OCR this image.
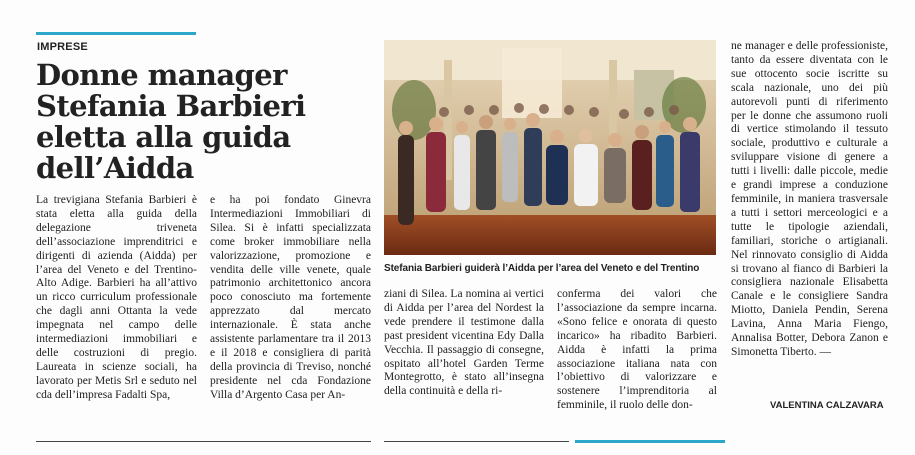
IMPRESE
Donne manager Stefania Barbieri eletta alla guida dell’Aidda
Stefania Barbieri guiderà l’Aidda per l’area del Veneto e del Trentino
La trevigiana Stefania Barbieri è stata eletta alla guida della delegazione triveneta dell’associazione imprenditrici e dirigenti di azienda (Aidda) per l’area del Veneto e del Trentino-Alto Adige. Barbieri ha all’attivo un ricco curriculum professionale che dagli anni Ottanta la vede impegnata nel campo delle intermediazioni immobiliari e delle costruzioni di pregio. Laureata in scienze sociali, ha lavorato per Metis Srl e seduto nel cda dell’impresa Fadalti Spa,
e ha poi fondato Ginevra Intermediazioni Immobiliari di Silea. Si è infatti specializzata come broker immobiliare nella valorizzazione, promozione e vendita delle ville venete, quale patrimonio architettonico ancora poco conosciuto ma fortemente apprezzato dal mercato internazionale. È stata anche assistente parlamentare tra il 2013 e il 2018 e consigliera di parità della provincia di Treviso, nonché presidente nel cda Fondazione Villa d’Argento Casa per An-
ziani di Silea. La nomina ai vertici di Aidda per l’area del Nordest la vede prendere il testimone dalla past president vicentina Edy Dalla Vecchia. Il passaggio di consegne, ospitato all’hotel Garden Terme Montegrotto, è stato all’insegna della continuità e della ri-
conferma dei valori che l’associazione da sempre incarna. «Sono felice e onorata di questo incarico» ha ribadito Barbieri. Aidda è infatti la prima associazione italiana nata con l’obiettivo di valorizzare e sostenere l’imprenditoria al femminile, il ruolo delle don-
ne manager e delle professioniste, tanto da essere diventata con le sue ottocento socie iscritte su scala nazionale, uno dei più autorevoli punti di riferimento per le donne che assumono ruoli di vertice stimolando il tessuto sociale, produttivo e culturale a sviluppare visione di genere a tutti i livelli: dalle piccole, medie e grandi imprese a conduzione femminile, in maniera trasversale a tutti i settori merceologici e a tutte le tipologie aziendali, familiari, storiche o artigianali. Nel rinnovato consiglio di Aidda si trovano al fianco di Barbieri la consigliera nazionale Elisabetta Canale e le consigliere Sandra Miotto, Daniela Pendin, Serena Lavina, Anna Maria Fiengo, Annalisa Botter, Debora Zanon e Simonetta Tiberto. —
VALENTINA CALZAVARA
